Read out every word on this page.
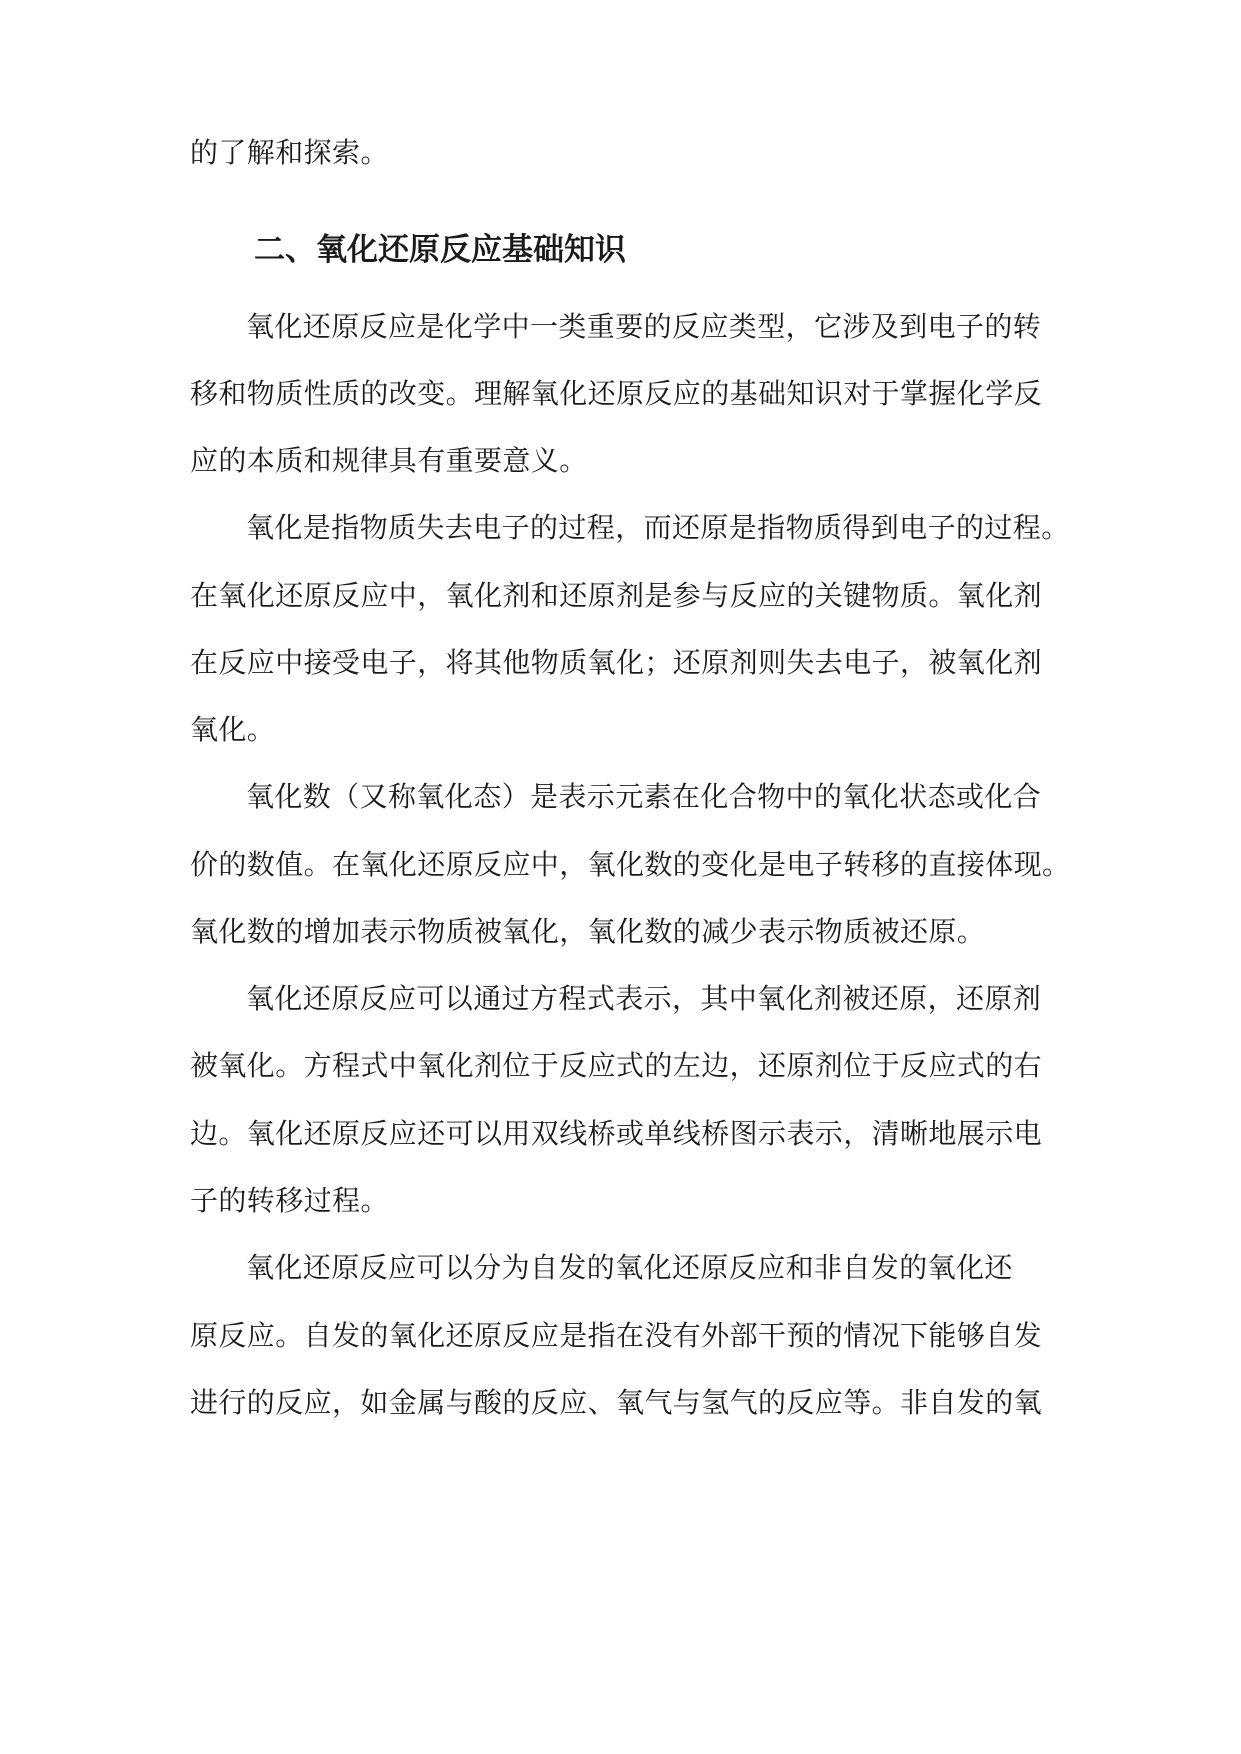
的了解和探索。
二、氧化还原反应基础知识
氧化还原反应是化学中一类重要的反应类型，它涉及到电子的转
移和物质性质的改变。理解氧化还原反应的基础知识对于掌握化学反
应的本质和规律具有重要意义。
氧化是指物质失去电子的过程，而还原是指物质得到电子的过程。
在氧化还原反应中，氧化剂和还原剂是参与反应的关键物质。氧化剂
在反应中接受电子，将其他物质氧化；还原剂则失去电子，被氧化剂
氧化。
氧化数（又称氧化态）是表示元素在化合物中的氧化状态或化合
价的数值。在氧化还原反应中，氧化数的变化是电子转移的直接体现。
氧化数的增加表示物质被氧化，氧化数的减少表示物质被还原。
氧化还原反应可以通过方程式表示，其中氧化剂被还原，还原剂
被氧化。方程式中氧化剂位于反应式的左边，还原剂位于反应式的右
边。氧化还原反应还可以用双线桥或单线桥图示表示，清晰地展示电
子的转移过程。
氧化还原反应可以分为自发的氧化还原反应和非自发的氧化还
原反应。自发的氧化还原反应是指在没有外部干预的情况下能够自发
进行的反应，如金属与酸的反应、氧气与氢气的反应等。非自发的氧
